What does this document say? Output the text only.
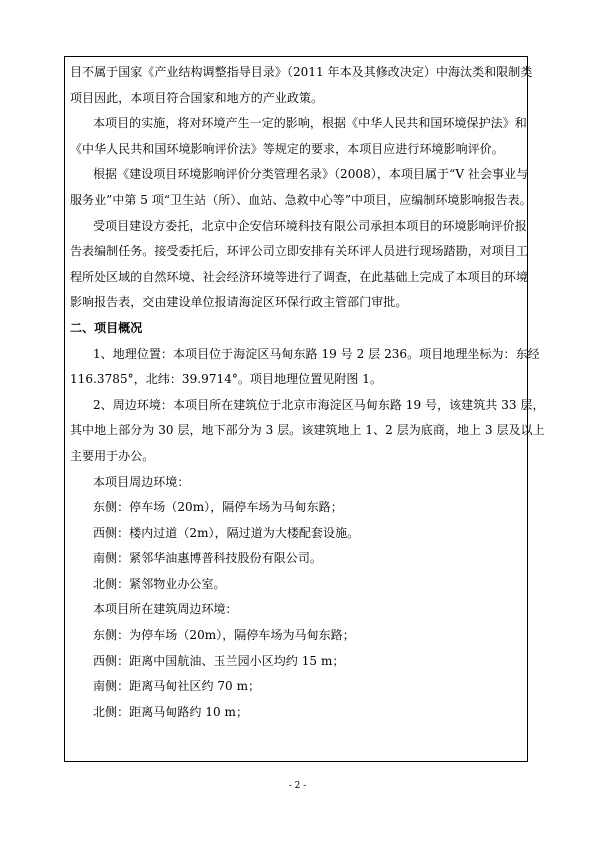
目不属于国家《产业结构调整指导目录》（2011 年本及其修改决定）中海汰类和限制类

项目因此，本项目符合国家和地方的产业政策。

本项目的实施，将对环境产生一定的影响，根据《中华人民共和国环境保护法》和

《中华人民共和国环境影响评价法》等规定的要求，本项目应进行环境影响评价。

根据《建设项目环境影响评价分类管理名录》（2008），本项目属于“V 社会事业与

服务业”中第 5 项“卫生站（所）、血站、急救中心等”中项目，应编制环境影响报告表。

受项目建设方委托，北京中企安信环境科技有限公司承担本项目的环境影响评价报

告表编制任务。接受委托后，环评公司立即安排有关环评人员进行现场踏勘，对项目工

程所处区域的自然环境、社会经济环境等进行了调查，在此基础上完成了本项目的环境

影响报告表，交由建设单位报请海淀区环保行政主管部门审批。

二、项目概况

1、地理位置：本项目位于海淀区马甸东路 19 号 2 层 236。项目地理坐标为：东经

116.3785°，北纬：39.9714°。项目地理位置见附图 1。

2、周边环境：本项目所在建筑位于北京市海淀区马甸东路 19 号，该建筑共 33 层，

其中地上部分为 30 层，地下部分为 3 层。该建筑地上 1、2 层为底商，地上 3 层及以上

主要用于办公。

本项目周边环境：

东侧：停车场（20m），隔停车场为马甸东路；

西侧：楼内过道（2m），隔过道为大楼配套设施。

南侧：紧邻华油惠博普科技股份有限公司。

北侧：紧邻物业办公室。

本项目所在建筑周边环境：

东侧：为停车场（20m），隔停车场为马甸东路；

西侧：距离中国航油、玉兰园小区均约 15 m；

南侧：距离马甸社区约 70 m；

北侧：距离马甸路约 10 m；

- 2 -
